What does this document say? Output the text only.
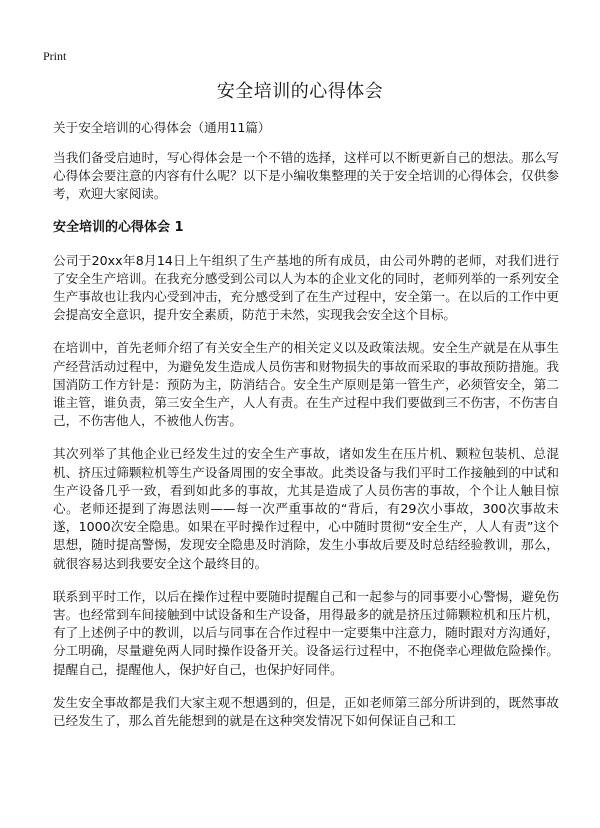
Print
安全培训的心得体会

关于安全培训的心得体会（通用11篇）

当我们备受启迪时，写心得体会是一个不错的选择，这样可以不断更新自己的想法。那么写心得体会要注意的内容有什么呢？以下是小编收集整理的关于安全培训的心得体会，仅供参考，欢迎大家阅读。

安全培训的心得体会 1

公司于20xx年8月14日上午组织了生产基地的所有成员，由公司外聘的老师，对我们进行了安全生产培训。在我充分感受到公司以人为本的企业文化的同时，老师列举的一系列安全生产事故也让我内心受到冲击，充分感受到了在生产过程中，安全第一。在以后的工作中更会提高安全意识，提升安全素质，防范于未然，实现我会安全这个目标。

在培训中，首先老师介绍了有关安全生产的相关定义以及政策法规。安全生产就是在从事生产经营活动过程中，为避免发生造成人员伤害和财物损失的事故而采取的事故预防措施。我国消防工作方针是：预防为主，防消结合。安全生产原则是第一管生产，必须管安全，第二谁主管，谁负责，第三安全生产，人人有责。在生产过程中我们要做到三不伤害，不伤害自己，不伤害他人，不被他人伤害。

其次列举了其他企业已经发生过的安全生产事故，诸如发生在压片机、颗粒包装机、总混机、挤压过筛颗粒机等生产设备周围的安全事故。此类设备与我们平时工作接触到的中试和生产设备几乎一致，看到如此多的事故，尤其是造成了人员伤害的事故，个个让人触目惊心。老师还提到了海恩法则——每一次严重事故的“背后，有29次小事故，300次事故未遂，1000次安全隐患。如果在平时操作过程中，心中随时贯彻“安全生产，人人有责”这个思想，随时提高警惕，发现安全隐患及时消除，发生小事故后要及时总结经验教训，那么，就很容易达到我要安全这个最终目的。

联系到平时工作，以后在操作过程中要随时提醒自己和一起参与的同事要小心警惕，避免伤害。也经常到车间接触到中试设备和生产设备，用得最多的就是挤压过筛颗粒机和压片机，有了上述例子中的教训，以后与同事在合作过程中一定要集中注意力，随时跟对方沟通好，分工明确，尽量避免两人同时操作设备开关。设备运行过程中，不抱侥幸心理做危险操作。提醒自己，提醒他人，保护好自己，也保护好同伴。

发生安全事故都是我们大家主观不想遇到的，但是，正如老师第三部分所讲到的，既然事故已经发生了，那么首先能想到的就是在这种突发情况下如何保证自己和工
